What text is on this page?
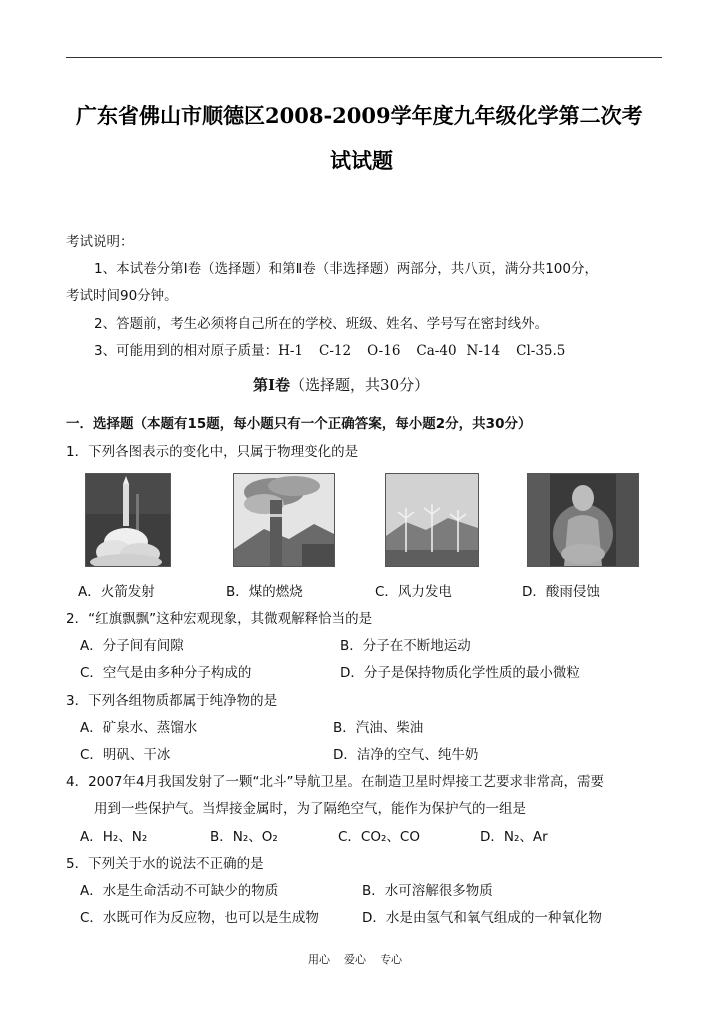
广东省佛山市顺德区2008-2009学年度九年级化学第二次考
试试题
考试说明：
1、本试卷分第Ⅰ卷（选择题）和第Ⅱ卷（非选择题）两部分，共八页，满分共100分，
考试时间90分钟。
2、答题前，考生必须将自己所在的学校、班级、姓名、学号写在密封线外。
3、可能用到的相对原子质量：H-1 C-12 O-16 Ca-40 N-14 Cl-35.5
第Ⅰ卷（选择题，共30分）
一．选择题（本题有15题，每小题只有一个正确答案，每小题2分，共30分）
1．下列各图表示的变化中，只属于物理变化的是
A．火箭发射	B．煤的燃烧	C．风力发电	D．酸雨侵蚀
2．“红旗飘飘”这种宏观现象，其微观解释恰当的是
A．分子间有间隙	B．分子在不断地运动
C．空气是由多种分子构成的	D．分子是保持物质化学性质的最小微粒
3．下列各组物质都属于纯净物的是
A．矿泉水、蒸馏水	B．汽油、柴油
C．明矾、干冰	D．洁净的空气、纯牛奶
4．2007年4月我国发射了一颗“北斗”导航卫星。在制造卫星时焊接工艺要求非常高，需要
用到一些保护气。当焊接金属时，为了隔绝空气，能作为保护气的一组是
A．H₂、N₂	B．N₂、O₂	C．CO₂、CO	D．N₂、Ar
5．下列关于水的说法不正确的是
A．水是生命活动不可缺少的物质	B．水可溶解很多物质
C．水既可作为反应物，也可以是生成物	D．水是由氢气和氧气组成的一种氧化物
用心 爱心 专心
